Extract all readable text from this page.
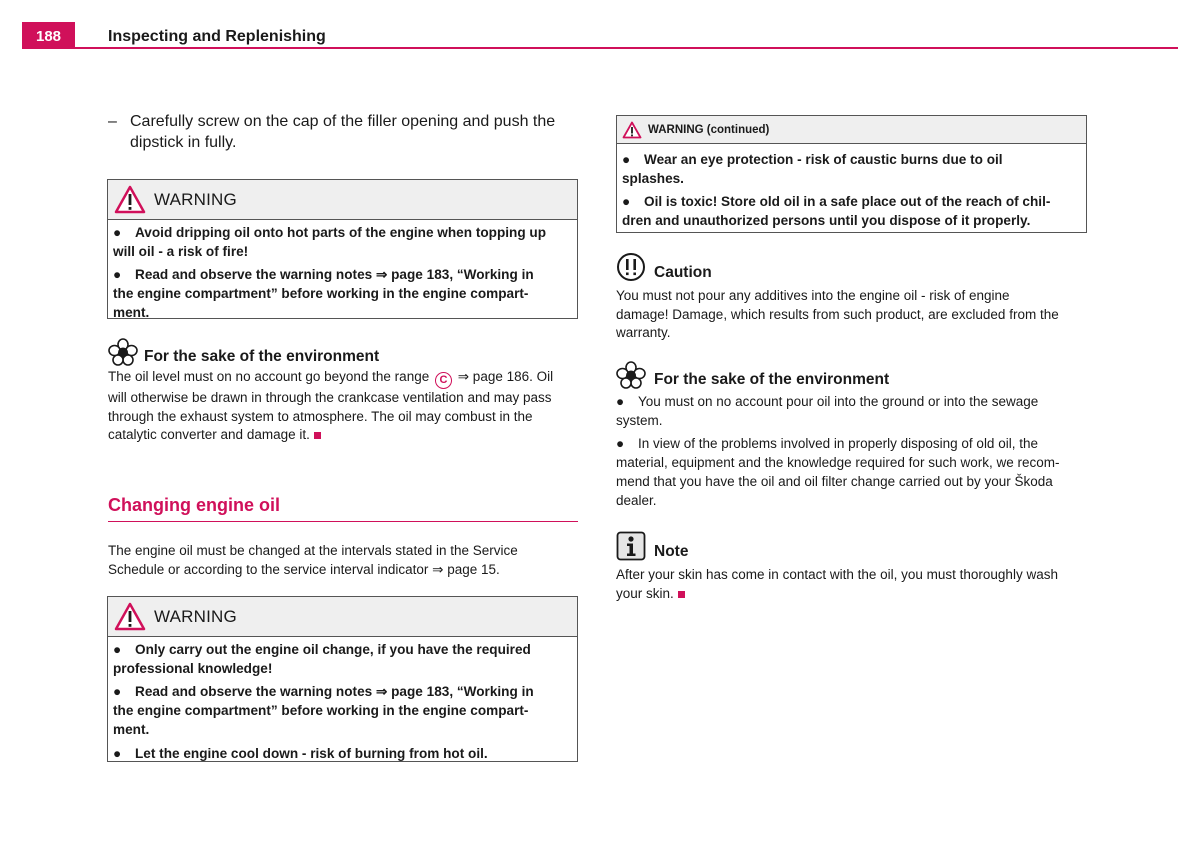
188	Inspecting and Replenishing
– Carefully screw on the cap of the filler opening and push the
dipstick in fully.
WARNING
● Avoid dripping oil onto hot parts of the engine when topping up
will oil - a risk of fire!
● Read and observe the warning notes ⇒ page 183, “Working in
the engine compartment” before working in the engine compart-
ment.
For the sake of the environment
The oil level must on no account go beyond the range C ⇒ page 186. Oil
will otherwise be drawn in through the crankcase ventilation and may pass
through the exhaust system to atmosphere. The oil may combust in the
catalytic converter and damage it.
Changing engine oil
The engine oil must be changed at the intervals stated in the Service
Schedule or according to the service interval indicator ⇒ page 15.
WARNING
● Only carry out the engine oil change, if you have the required
professional knowledge!
● Read and observe the warning notes ⇒ page 183, “Working in
the engine compartment” before working in the engine compart-
ment.
● Let the engine cool down - risk of burning from hot oil.
WARNING (continued)
● Wear an eye protection - risk of caustic burns due to oil
splashes.
● Oil is toxic! Store old oil in a safe place out of the reach of chil-
dren and unauthorized persons until you dispose of it properly.
Caution
You must not pour any additives into the engine oil - risk of engine
damage! Damage, which results from such product, are excluded from the
warranty.
For the sake of the environment
● You must on no account pour oil into the ground or into the sewage
system.
● In view of the problems involved in properly disposing of old oil, the
material, equipment and the knowledge required for such work, we recom-
mend that you have the oil and oil filter change carried out by your Škoda
dealer.
Note
After your skin has come in contact with the oil, you must thoroughly wash
your skin.
